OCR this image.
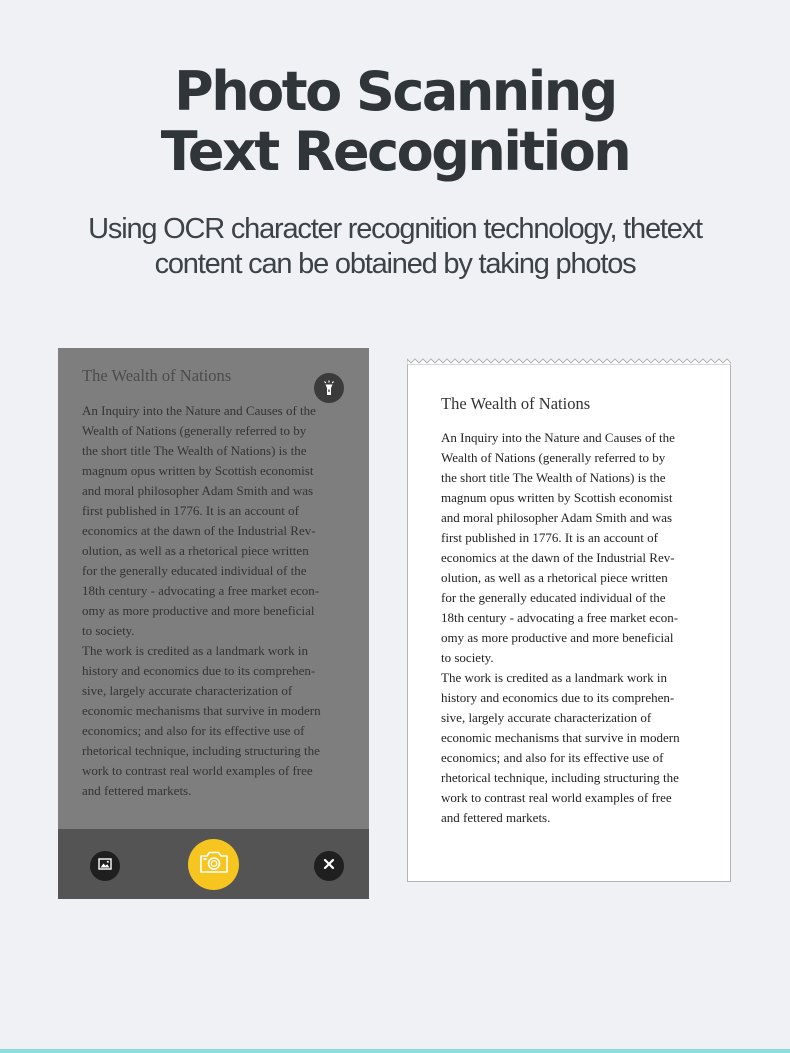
Photo Scanning
Text Recognition
Using OCR character recognition technology, thetext
content can be obtained by taking photos
The Wealth of Nations
An Inquiry into the Nature and Causes of the
Wealth of Nations (generally referred to by
the short title The Wealth of Nations) is the
magnum opus written by Scottish economist
and moral philosopher Adam Smith and was
first published in 1776. It is an account of
economics at the dawn of the Industrial Rev-
olution, as well as a rhetorical piece written
for the generally educated individual of the
18th century - advocating a free market econ-
omy as more productive and more beneficial
to society.
The work is credited as a landmark work in
history and economics due to its comprehen-
sive, largely accurate characterization of
economic mechanisms that survive in modern
economics; and also for its effective use of
rhetorical technique, including structuring the
work to contrast real world examples of free
and fettered markets.
The Wealth of Nations
An Inquiry into the Nature and Causes of the
Wealth of Nations (generally referred to by
the short title The Wealth of Nations) is the
magnum opus written by Scottish economist
and moral philosopher Adam Smith and was
first published in 1776. It is an account of
economics at the dawn of the Industrial Rev-
olution, as well as a rhetorical piece written
for the generally educated individual of the
18th century - advocating a free market econ-
omy as more productive and more beneficial
to society.
The work is credited as a landmark work in
history and economics due to its comprehen-
sive, largely accurate characterization of
economic mechanisms that survive in modern
economics; and also for its effective use of
rhetorical technique, including structuring the
work to contrast real world examples of free
and fettered markets.
